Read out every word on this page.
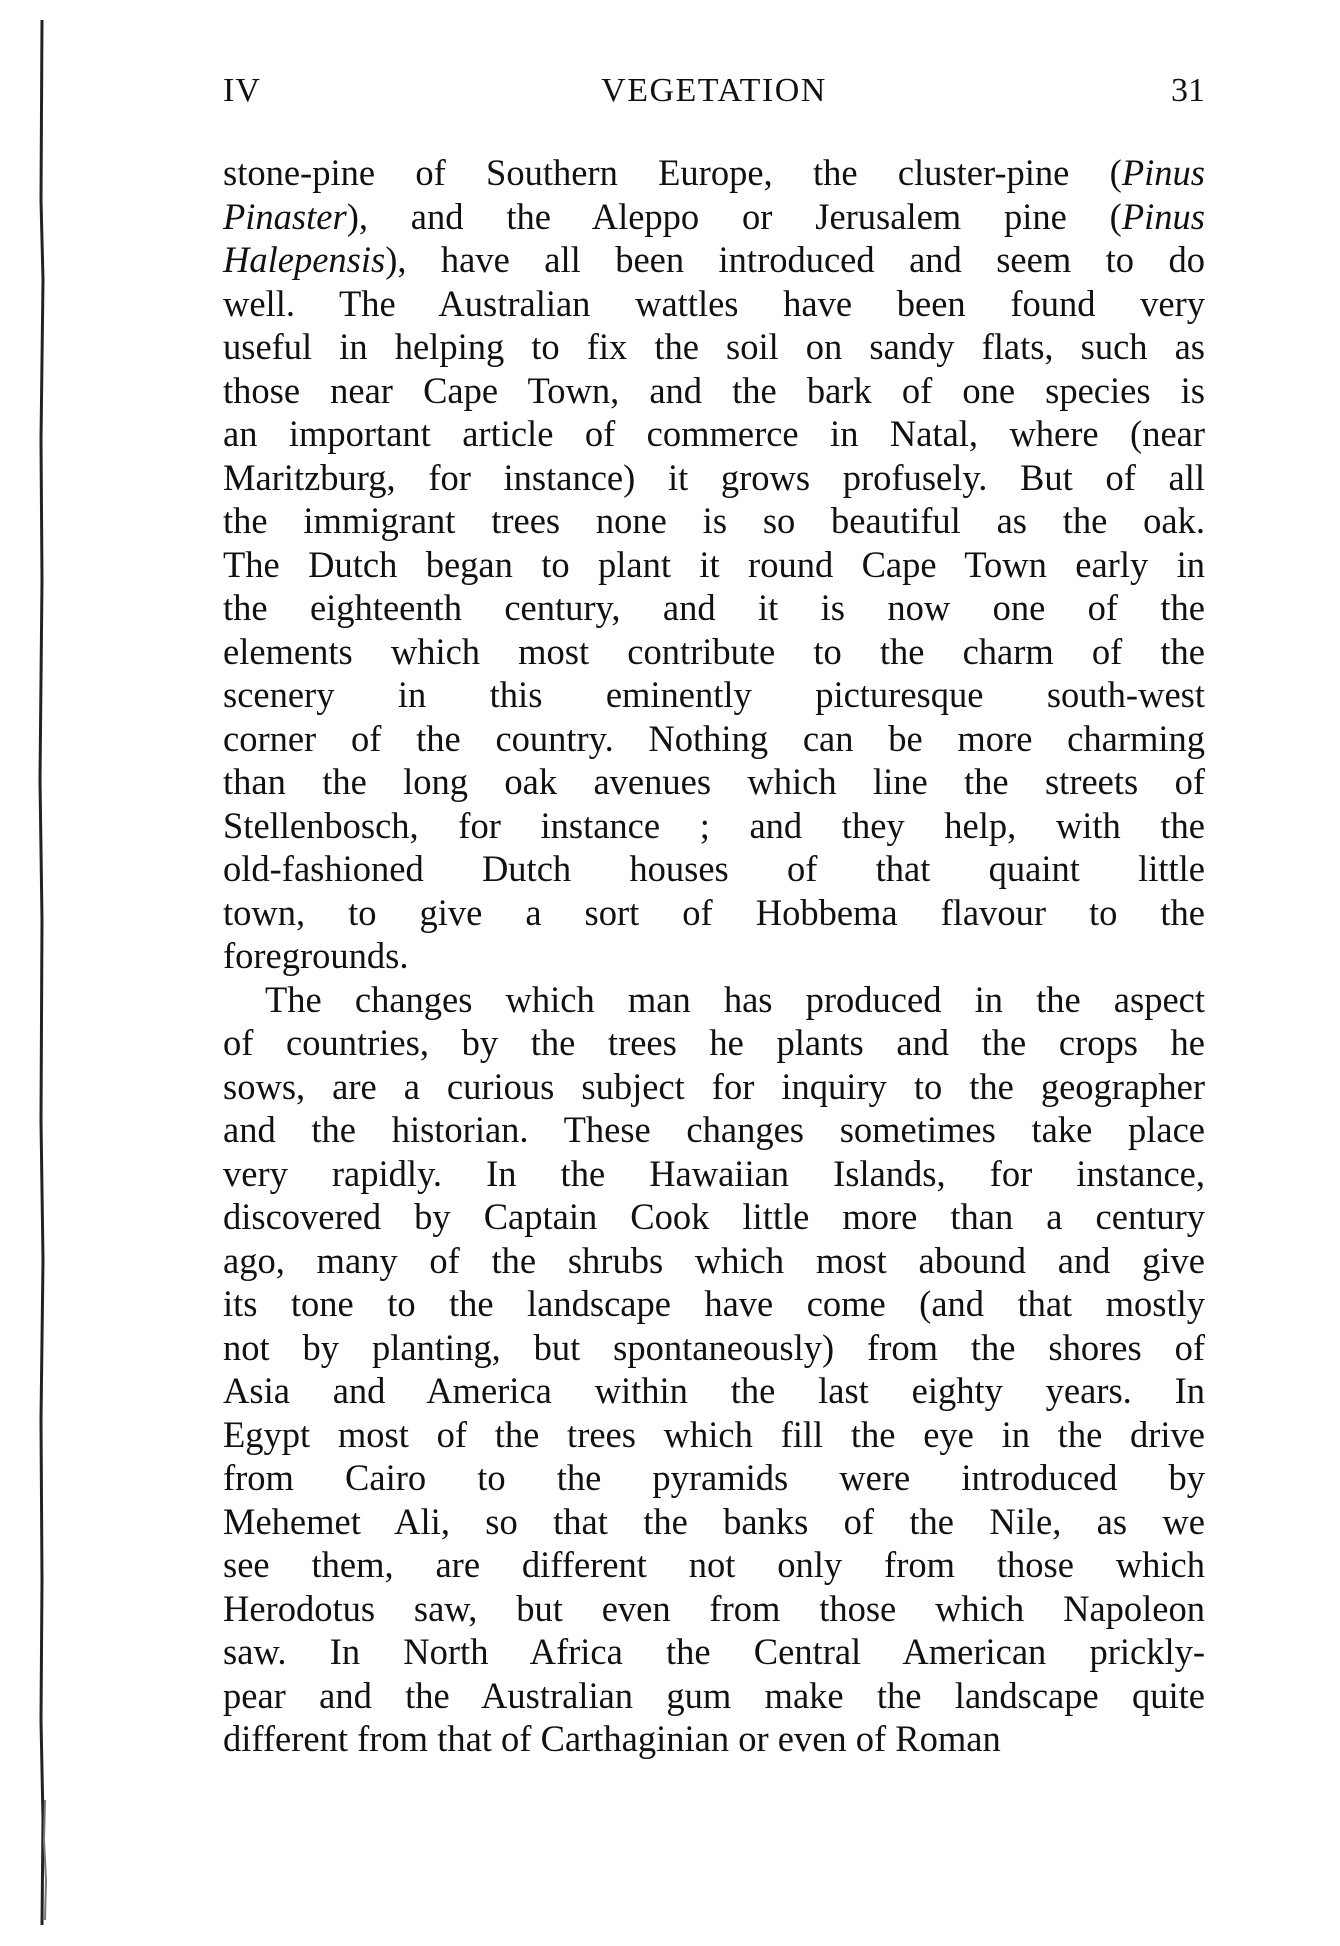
IV	VEGETATION	31
stone-pine of Southern Europe, the cluster-pine (Pinus
Pinaster), and the Aleppo or Jerusalem pine (Pinus
Halepensis), have all been introduced and seem to do
well. The Australian wattles have been found very
useful in helping to fix the soil on sandy flats, such as
those near Cape Town, and the bark of one species is
an important article of commerce in Natal, where (near
Maritzburg, for instance) it grows profusely. But of all
the immigrant trees none is so beautiful as the oak.
The Dutch began to plant it round Cape Town early in
the eighteenth century, and it is now one of the
elements which most contribute to the charm of the
scenery in this eminently picturesque south-west
corner of the country. Nothing can be more charming
than the long oak avenues which line the streets of
Stellenbosch, for instance ; and they help, with the
old-fashioned Dutch houses of that quaint little
town, to give a sort of Hobbema flavour to the
foregrounds.
The changes which man has produced in the aspect
of countries, by the trees he plants and the crops he
sows, are a curious subject for inquiry to the geographer
and the historian. These changes sometimes take place
very rapidly. In the Hawaiian Islands, for instance,
discovered by Captain Cook little more than a century
ago, many of the shrubs which most abound and give
its tone to the landscape have come (and that mostly
not by planting, but spontaneously) from the shores of
Asia and America within the last eighty years. In
Egypt most of the trees which fill the eye in the drive
from Cairo to the pyramids were introduced by
Mehemet Ali, so that the banks of the Nile, as we
see them, are different not only from those which
Herodotus saw, but even from those which Napoleon
saw. In North Africa the Central American prickly-
pear and the Australian gum make the landscape quite
different from that of Carthaginian or even of Roman
